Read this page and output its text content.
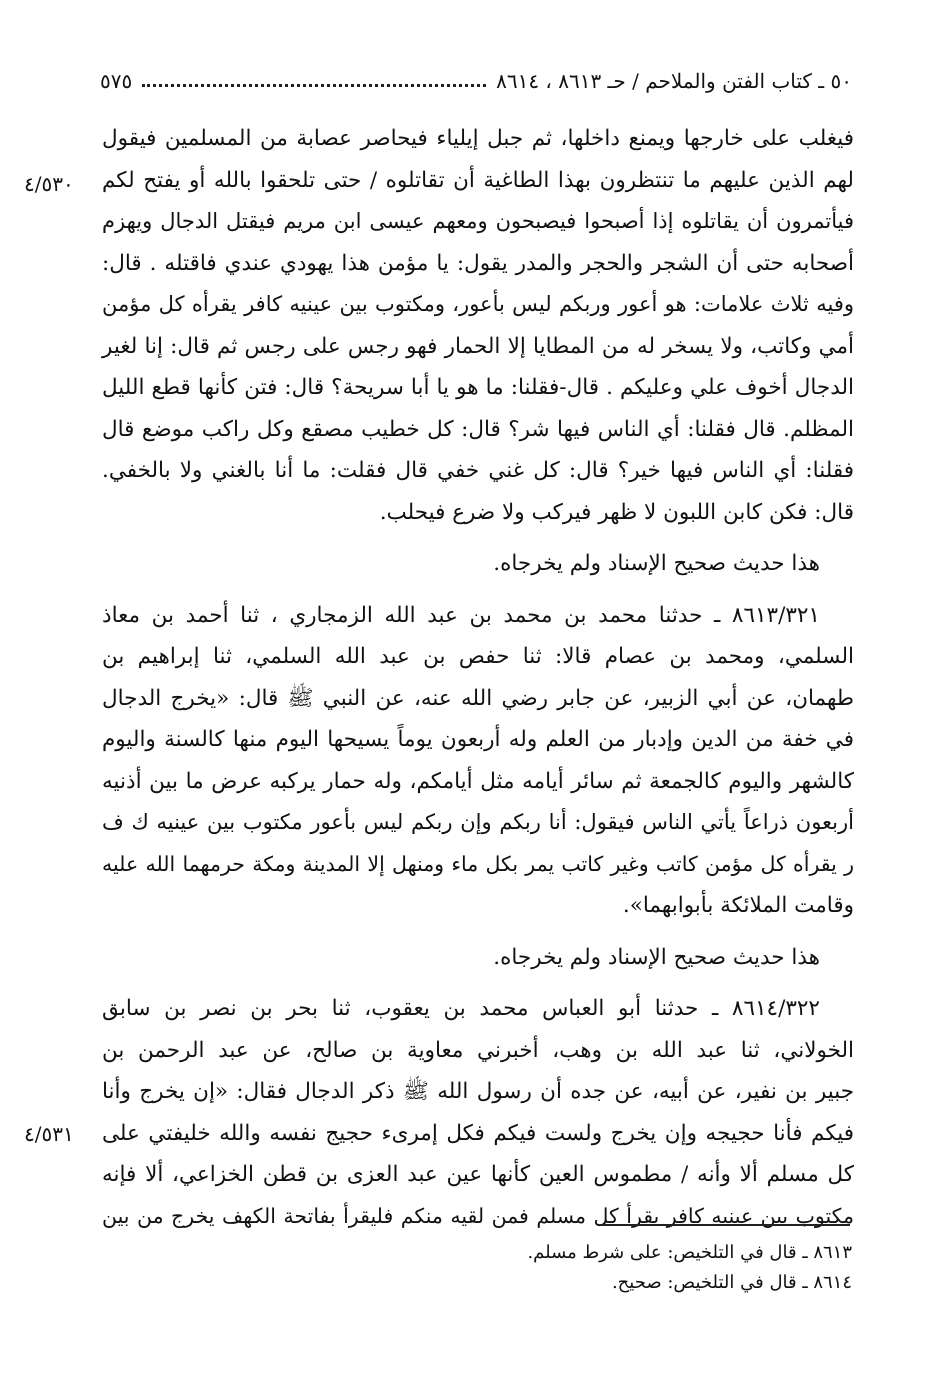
٥٠ ـ كتاب الفتن والملاحم / حـ ٨٦١٣ ، ٨٦١٤
٥٧٥
فيغلب على خارجها ويمنع داخلها، ثم جبل إيلياء فيحاصر عصابة من المسلمين فيقول
لهم الذين عليهم ما تنتظرون بهذا الطاغية أن تقاتلوه / حتى تلحقوا بالله أو يفتح لكم
فيأتمرون أن يقاتلوه إذا أصبحوا فيصبحون ومعهم عيسى ابن مريم فيقتل الدجال ويهزم
أصحابه حتى أن الشجر والحجر والمدر يقول: يا مؤمن هذا يهودي عندي فاقتله . قال:
وفيه ثلاث علامات: هو أعور وربكم ليس بأعور، ومكتوب بين عينيه كافر يقرأه كل مؤمن
أمي وكاتب، ولا يسخر له من المطايا إلا الحمار فهو رجس على رجس ثم قال: إنا لغير
الدجال أخوف علي وعليكم . قال-فقلنا: ما هو يا أبا سريحة؟ قال: فتن كأنها قطع الليل
المظلم. قال فقلنا: أي الناس فيها شر؟ قال: كل خطيب مصقع وكل راكب موضع قال
فقلنا: أي الناس فيها خير؟ قال: كل غني خفي قال فقلت: ما أنا بالغني ولا بالخفي.
قال: فكن كابن اللبون لا ظهر فيركب ولا ضرع فيحلب.
هذا حديث صحيح الإسناد ولم يخرجاه.
٨٦١٣/٣٢١ ـ حدثنا محمد بن محمد بن عبد الله الزمجاري ، ثنا أحمد بن معاذ
السلمي، ومحمد بن عصام قالا: ثنا حفص بن عبد الله السلمي، ثنا إبراهيم بن
طهمان، عن أبي الزبير، عن جابر رضي الله عنه، عن النبي ﷺ قال: «يخرج الدجال
في خفة من الدين وإدبار من العلم وله أربعون يوماً يسيحها اليوم منها كالسنة واليوم
كالشهر واليوم كالجمعة ثم سائر أيامه مثل أيامكم، وله حمار يركبه عرض ما بين أذنيه
أربعون ذراعاً يأتي الناس فيقول: أنا ربكم وإن ربكم ليس بأعور مكتوب بين عينيه ك ف
ر يقرأه كل مؤمن كاتب وغير كاتب يمر بكل ماء ومنهل إلا المدينة ومكة حرمهما الله عليه
وقامت الملائكة بأبوابهما».
هذا حديث صحيح الإسناد ولم يخرجاه.
٨٦١٤/٣٢٢ ـ حدثنا أبو العباس محمد بن يعقوب، ثنا بحر بن نصر بن سابق
الخولاني، ثنا عبد الله بن وهب، أخبرني معاوية بن صالح، عن عبد الرحمن بن
جبير بن نفير، عن أبيه، عن جده أن رسول الله ﷺ ذكر الدجال فقال: «إن يخرج وأنا
فيكم فأنا حجيجه وإن يخرج ولست فيكم فكل إمرىء حجيج نفسه والله خليفتي على
كل مسلم ألا وأنه / مطموس العين كأنها عين عبد العزى بن قطن الخزاعي، ألا فإنه
مكتوب بين عينيه كافر يقرأ كل مسلم فمن لقيه منكم فليقرأ بفاتحة الكهف يخرج من بين
٤/٥٣٠
٤/٥٣١
٨٦١٣ ـ قال في التلخيص: على شرط مسلم.
٨٦١٤ ـ قال في التلخيص: صحيح.
